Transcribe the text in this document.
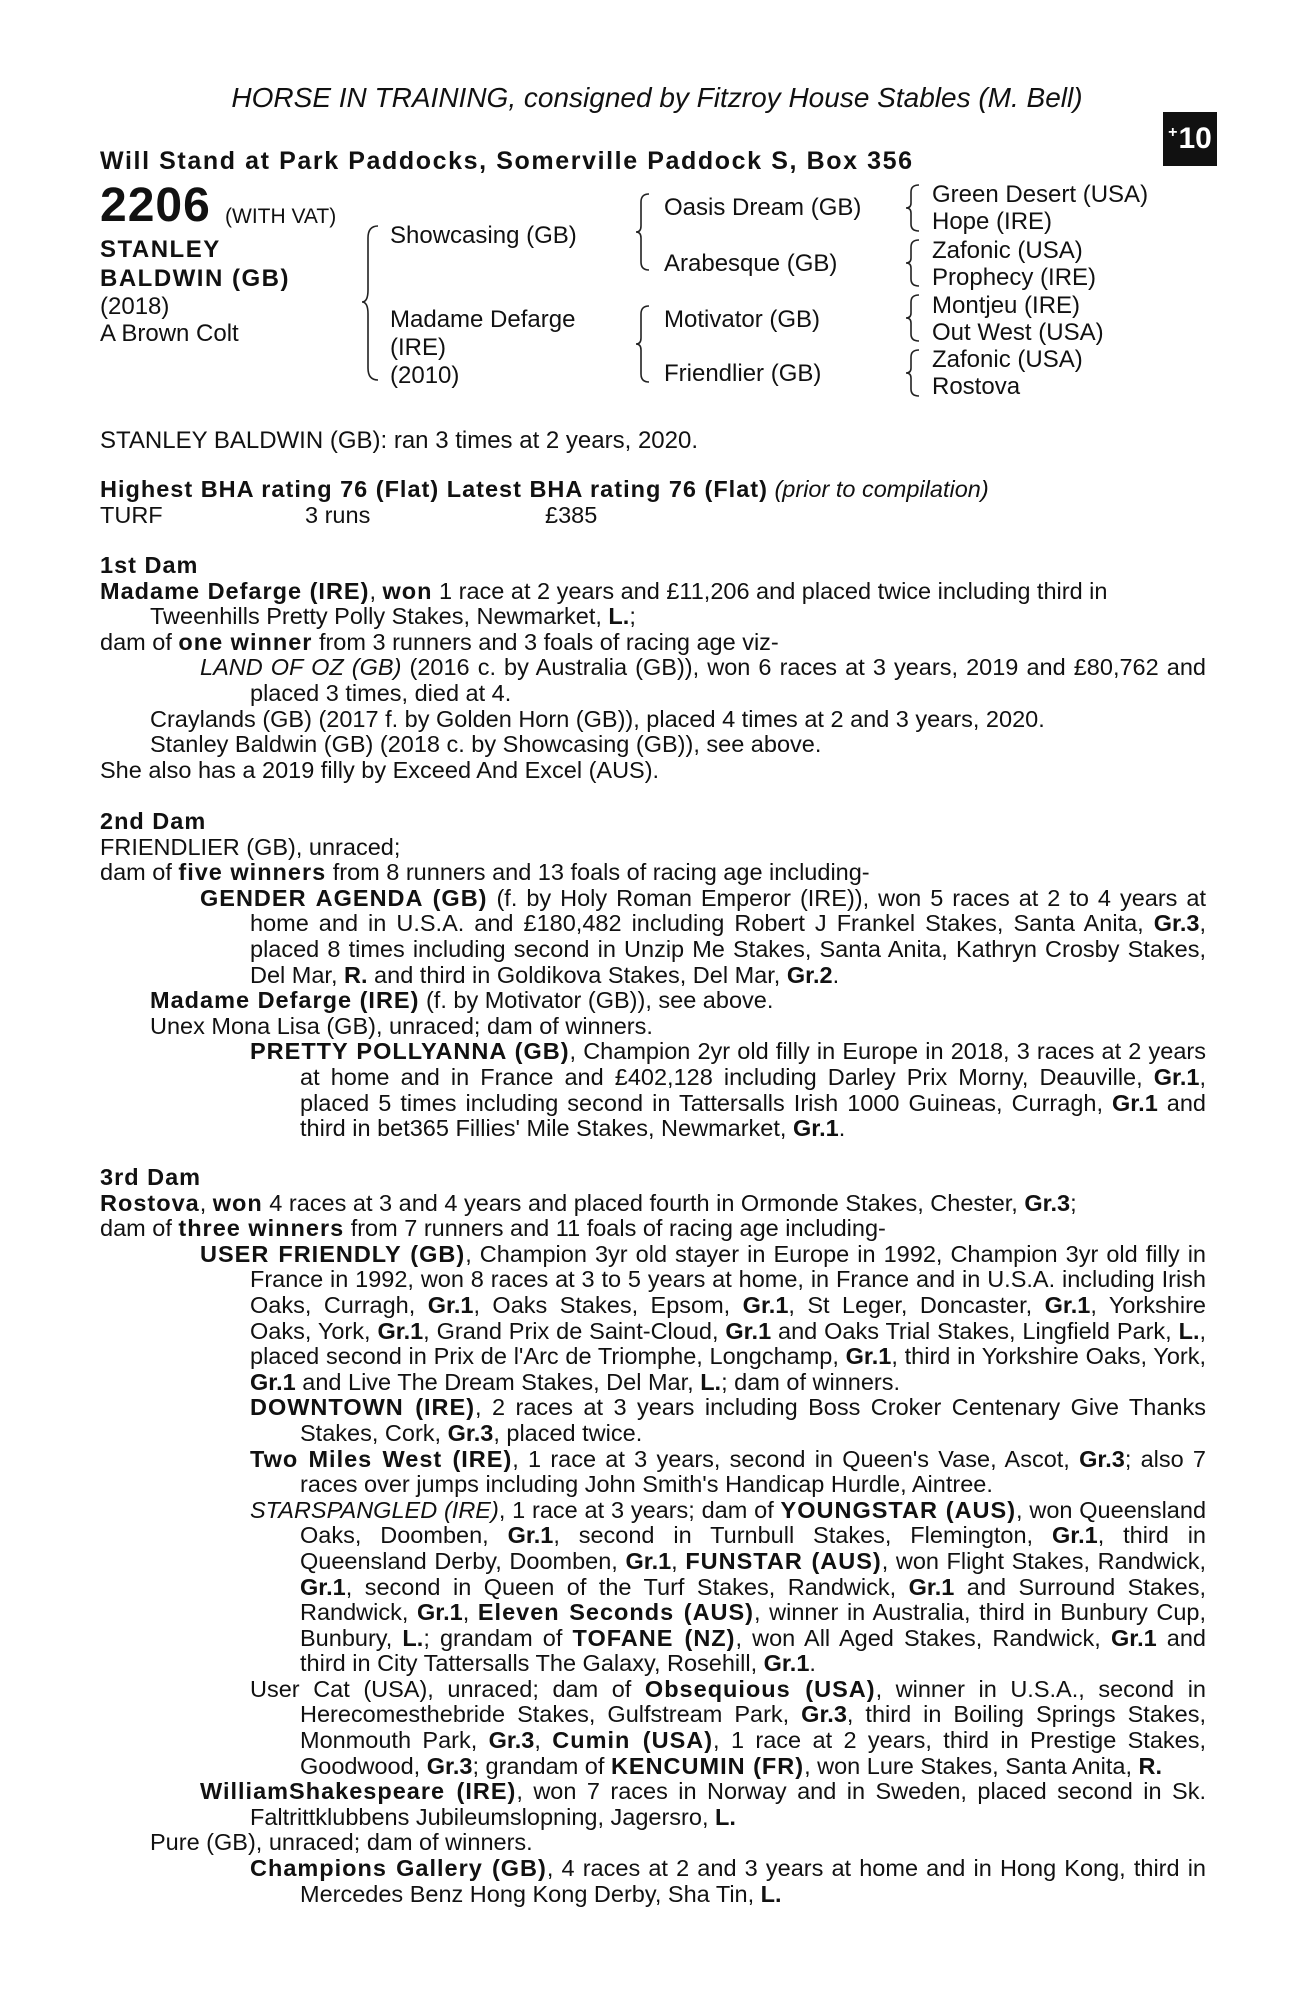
HORSE IN TRAINING, consigned by Fitzroy House Stables (M. Bell)
Will Stand at Park Paddocks, Somerville Paddock S, Box 356
+ 10
2206 (WITH VAT)
STANLEY
BALDWIN (GB)
(2018)
A Brown Colt
Showcasing (GB)
Madame Defarge
(IRE)
(2010)
Oasis Dream (GB)
Arabesque (GB)
Motivator (GB)
Friendlier (GB)
Green Desert (USA)
Hope (IRE)
Zafonic (USA)
Prophecy (IRE)
Montjeu (IRE)
Out West (USA)
Zafonic (USA)
Rostova
STANLEY BALDWIN (GB): ran 3 times at 2 years, 2020.
Highest BHA rating 76 (Flat) Latest BHA rating 76 (Flat) (prior to compilation)
TURF	3 runs	£385

1st Dam

Madame Defarge (IRE), won 1 race at 2 years and £11,206 and placed twice including third in Tweenhills Pretty Polly Stakes, Newmarket, L.;

dam of one winner from 3 runners and 3 foals of racing age viz-

LAND OF OZ (GB) (2016 c. by Australia (GB)), won 6 races at 3 years, 2019 and £80,762 and placed 3 times, died at 4.

Craylands (GB) (2017 f. by Golden Horn (GB)), placed 4 times at 2 and 3 years, 2020.

Stanley Baldwin (GB) (2018 c. by Showcasing (GB)), see above.

She also has a 2019 filly by Exceed And Excel (AUS).

2nd Dam

FRIENDLIER (GB), unraced;

dam of five winners from 8 runners and 13 foals of racing age including-

GENDER AGENDA (GB) (f. by Holy Roman Emperor (IRE)), won 5 races at 2 to 4 years at home and in U.S.A. and £180,482 including Robert J Frankel Stakes, Santa Anita, Gr.3, placed 8 times including second in Unzip Me Stakes, Santa Anita, Kathryn Crosby Stakes, Del Mar, R. and third in Goldikova Stakes, Del Mar, Gr.2.

Madame Defarge (IRE) (f. by Motivator (GB)), see above.

Unex Mona Lisa (GB), unraced; dam of winners.

PRETTY POLLYANNA (GB), Champion 2yr old filly in Europe in 2018, 3 races at 2 years at home and in France and £402,128 including Darley Prix Morny, Deauville, Gr.1, placed 5 times including second in Tattersalls Irish 1000 Guineas, Curragh, Gr.1 and third in bet365 Fillies' Mile Stakes, Newmarket, Gr.1.

3rd Dam

Rostova, won 4 races at 3 and 4 years and placed fourth in Ormonde Stakes, Chester, Gr.3;

dam of three winners from 7 runners and 11 foals of racing age including-

USER FRIENDLY (GB), Champion 3yr old stayer in Europe in 1992, Champion 3yr old filly in France in 1992, won 8 races at 3 to 5 years at home, in France and in U.S.A. including Irish Oaks, Curragh, Gr.1, Oaks Stakes, Epsom, Gr.1, St Leger, Doncaster, Gr.1, Yorkshire Oaks, York, Gr.1, Grand Prix de Saint-Cloud, Gr.1 and Oaks Trial Stakes, Lingfield Park, L., placed second in Prix de l'Arc de Triomphe, Longchamp, Gr.1, third in Yorkshire Oaks, York, Gr.1 and Live The Dream Stakes, Del Mar, L.; dam of winners.

DOWNTOWN (IRE), 2 races at 3 years including Boss Croker Centenary Give Thanks Stakes, Cork, Gr.3, placed twice.

Two Miles West (IRE), 1 race at 3 years, second in Queen's Vase, Ascot, Gr.3; also 7 races over jumps including John Smith's Handicap Hurdle, Aintree.

STARSPANGLED (IRE), 1 race at 3 years; dam of YOUNGSTAR (AUS), won Queensland Oaks, Doomben, Gr.1, second in Turnbull Stakes, Flemington, Gr.1, third in Queensland Derby, Doomben, Gr.1, FUNSTAR (AUS), won Flight Stakes, Randwick, Gr.1, second in Queen of the Turf Stakes, Randwick, Gr.1 and Surround Stakes, Randwick, Gr.1, Eleven Seconds (AUS), winner in Australia, third in Bunbury Cup, Bunbury, L.; grandam of TOFANE (NZ), won All Aged Stakes, Randwick, Gr.1 and third in City Tattersalls The Galaxy, Rosehill, Gr.1.

User Cat (USA), unraced; dam of Obsequious (USA), winner in U.S.A., second in Herecomesthebride Stakes, Gulfstream Park, Gr.3, third in Boiling Springs Stakes, Monmouth Park, Gr.3, Cumin (USA), 1 race at 2 years, third in Prestige Stakes, Goodwood, Gr.3; grandam of KENCUMIN (FR), won Lure Stakes, Santa Anita, R.

WilliamShakespeare (IRE), won 7 races in Norway and in Sweden, placed second in Sk. Faltrittklubbens Jubileumslopning, Jagersro, L.

Pure (GB), unraced; dam of winners.

Champions Gallery (GB), 4 races at 2 and 3 years at home and in Hong Kong, third in Mercedes Benz Hong Kong Derby, Sha Tin, L.
